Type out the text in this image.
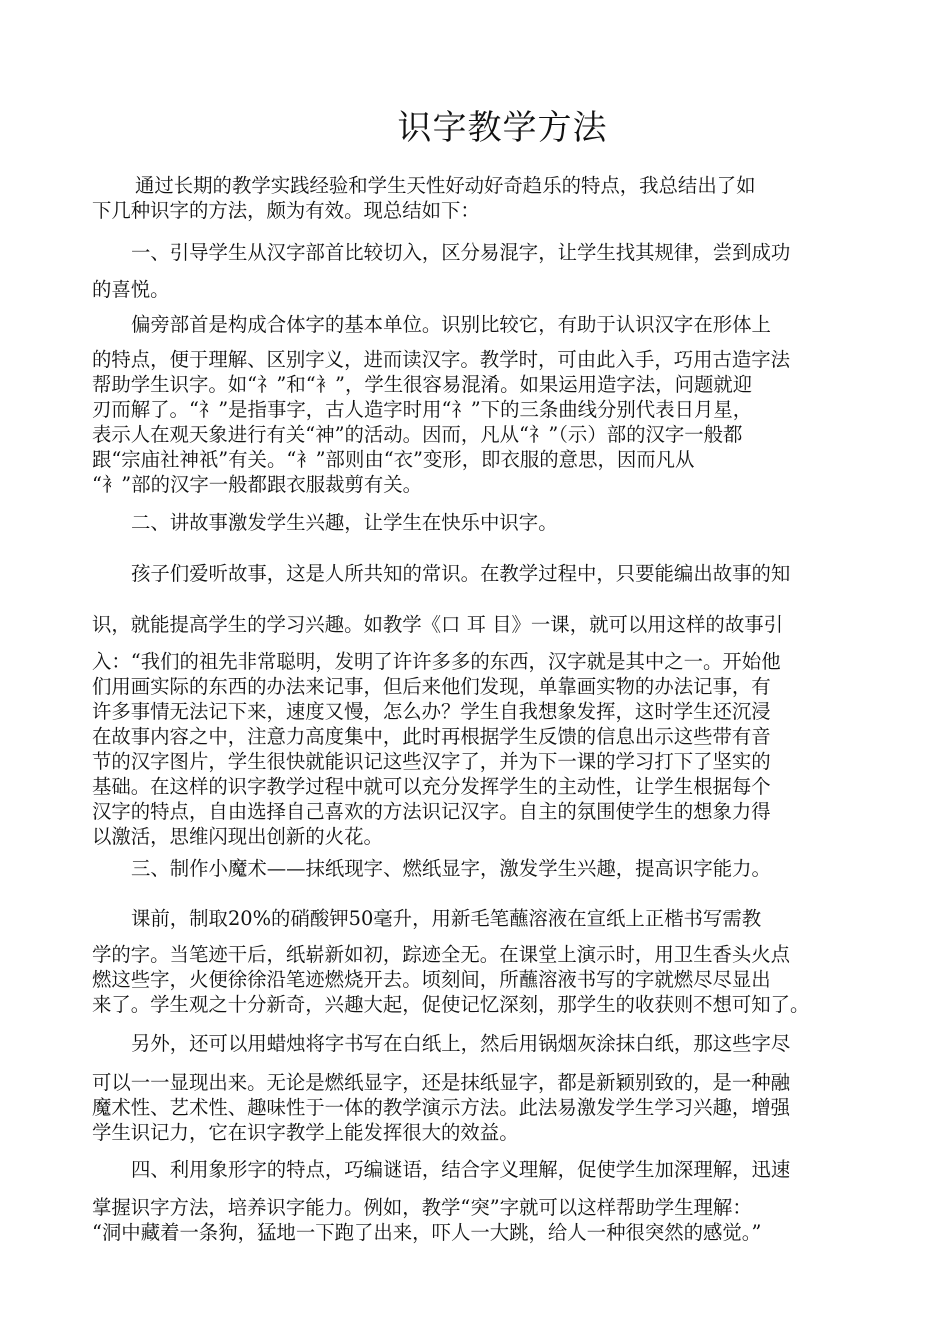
识字教学方法

通过长期的教学实践经验和学生天性好动好奇趋乐的特点，我总结出了如
下几种识字的方法，颇为有效。现总结如下：

一、引导学生从汉字部首比较切入，区分易混字，让学生找其规律，尝到成功
的喜悦。

偏旁部首是构成合体字的基本单位。识别比较它，有助于认识汉字在形体上
的特点，便于理解、区别字义，进而读汉字。教学时，可由此入手，巧用古造字法
帮助学生识字。如“礻”和“衤”，学生很容易混淆。如果运用造字法，问题就迎
刃而解了。“礻”是指事字，古人造字时用“礻”下的三条曲线分别代表日月星，
表示人在观天象进行有关“神”的活动。因而，凡从“礻”（示）部的汉字一般都
跟“宗庙社神祇”有关。“衤”部则由“衣”变形，即衣服的意思，因而凡从
“衤”部的汉字一般都跟衣服裁剪有关。

二、讲故事激发学生兴趣，让学生在快乐中识字。

孩子们爱听故事，这是人所共知的常识。在教学过程中，只要能编出故事的知

识，就能提高学生的学习兴趣。如教学《口 耳 目》一课，就可以用这样的故事引
入：“我们的祖先非常聪明，发明了许许多多的东西，汉字就是其中之一。开始他
们用画实际的东西的办法来记事，但后来他们发现，单靠画实物的办法记事，有
许多事情无法记下来，速度又慢，怎么办？学生自我想象发挥，这时学生还沉浸
在故事内容之中，注意力高度集中，此时再根据学生反馈的信息出示这些带有音
节的汉字图片，学生很快就能识记这些汉字了，并为下一课的学习打下了坚实的
基础。在这样的识字教学过程中就可以充分发挥学生的主动性，让学生根据每个
汉字的特点，自由选择自己喜欢的方法识记汉字。自主的氛围使学生的想象力得
以激活，思维闪现出创新的火花。

三、制作小魔术——抹纸现字、燃纸显字，激发学生兴趣，提高识字能力。

课前，制取20%的硝酸钾50毫升，用新毛笔蘸溶液在宣纸上正楷书写需教

学的字。当笔迹干后，纸崭新如初，踪迹全无。在课堂上演示时，用卫生香头火点
燃这些字，火便徐徐沿笔迹燃烧开去。顷刻间，所蘸溶液书写的字就燃尽尽显出
来了。学生观之十分新奇，兴趣大起，促使记忆深刻，那学生的收获则不想可知了。

另外，还可以用蜡烛将字书写在白纸上，然后用锅烟灰涂抹白纸，那这些字尽

可以一一显现出来。无论是燃纸显字，还是抹纸显字，都是新颖别致的，是一种融
魔术性、艺术性、趣味性于一体的教学演示方法。此法易激发学生学习兴趣，增强
学生识记力，它在识字教学上能发挥很大的效益。

四、利用象形字的特点，巧编谜语，结合字义理解，促使学生加深理解，迅速

掌握识字方法，培养识字能力。例如，教学“突”字就可以这样帮助学生理解：
“洞中藏着一条狗，猛地一下跑了出来，吓人一大跳，给人一种很突然的感觉。”
